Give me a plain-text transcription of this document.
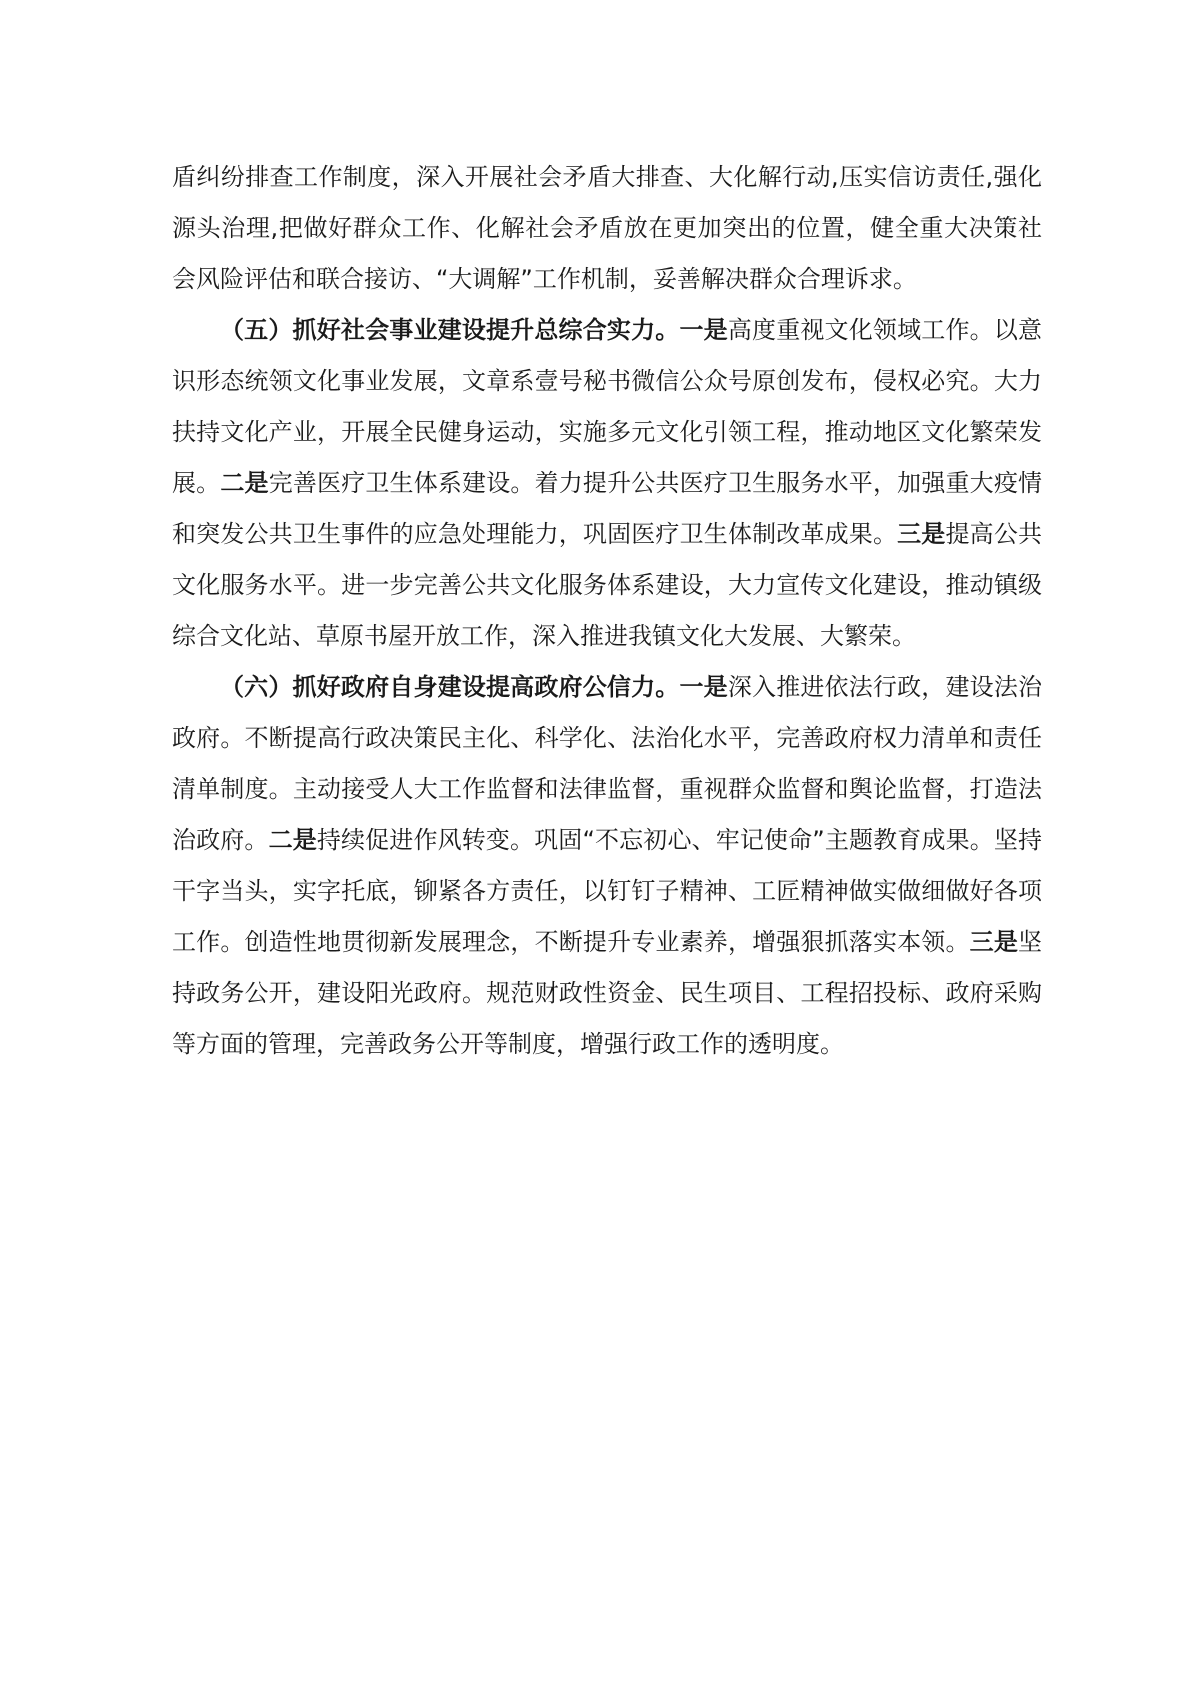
盾纠纷排查工作制度，深入开展社会矛盾大排查、大化解行动,压实信访责任,强化源头治理,把做好群众工作、化解社会矛盾放在更加突出的位置，健全重大决策社会风险评估和联合接访、“大调解”工作机制，妥善解决群众合理诉求。

（五）抓好社会事业建设提升总综合实力。一是高度重视文化领域工作。以意识形态统领文化事业发展，文章系壹号秘书微信公众号原创发布，侵权必究。大力扶持文化产业，开展全民健身运动，实施多元文化引领工程，推动地区文化繁荣发展。二是完善医疗卫生体系建设。着力提升公共医疗卫生服务水平，加强重大疫情和突发公共卫生事件的应急处理能力，巩固医疗卫生体制改革成果。三是提高公共文化服务水平。进一步完善公共文化服务体系建设，大力宣传文化建设，推动镇级综合文化站、草原书屋开放工作，深入推进我镇文化大发展、大繁荣。

（六）抓好政府自身建设提高政府公信力。一是深入推进依法行政，建设法治政府。不断提高行政决策民主化、科学化、法治化水平，完善政府权力清单和责任清单制度。主动接受人大工作监督和法律监督，重视群众监督和舆论监督，打造法治政府。二是持续促进作风转变。巩固“不忘初心、牢记使命”主题教育成果。坚持干字当头，实字托底，铆紧各方责任，以钉钉子精神、工匠精神做实做细做好各项工作。创造性地贯彻新发展理念，不断提升专业素养，增强狠抓落实本领。三是坚持政务公开，建设阳光政府。规范财政性资金、民生项目、工程招投标、政府采购等方面的管理，完善政务公开等制度，增强行政工作的透明度。
